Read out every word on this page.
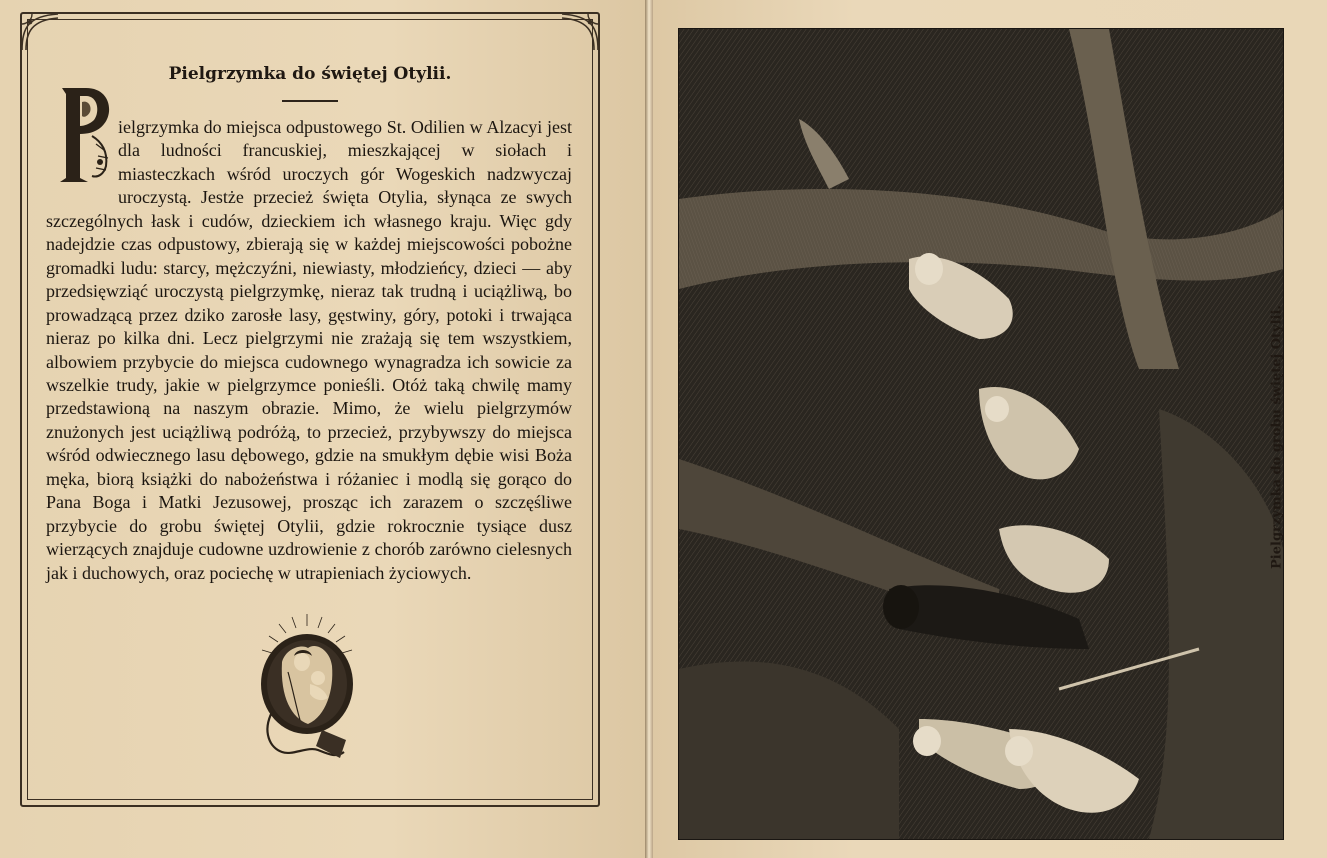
Pielgrzymka do świętej Otylii.

ielgrzymka do miejsca odpustowego St. Odilien w Alzacyi jest dla ludności francuskiej, mieszkającej w siołach i miasteczkach wśród uroczych gór Wogeskich nadzwyczaj uroczystą. Jestże przecież święta Otylia, słynąca ze swych szczególnych łask i cudów, dzieckiem ich własnego kraju. Więc gdy nadejdzie czas odpustowy, zbierają się w każdej miejscowości pobożne gromadki ludu: starcy, mężczyźni, niewiasty, młodzieńcy, dzieci — aby przedsięwziąć uroczystą pielgrzymkę, nieraz tak trudną i uciążliwą, bo prowadzącą przez dziko zarosłe lasy, gęstwiny, góry, potoki i trwająca nieraz po kilka dni. Lecz pielgrzymi nie zrażają się tem wszystkiem, albowiem przybycie do miejsca cudownego wynagradza ich sowicie za wszelkie trudy, jakie w pielgrzymce ponieśli. Otóż taką chwilę mamy przedstawioną na naszym obrazie. Mimo, że wielu pielgrzymów znużonych jest uciążliwą podróżą, to przecież, przybywszy do miejsca wśród odwiecznego lasu dębowego, gdzie na smukłym dębie wisi Boża męka, biorą książki do nabożeństwa i różaniec i modlą się gorąco do Pana Boga i Matki Jezusowej, prosząc ich zarazem o szczęśliwe przybycie do grobu świętej Otylii, gdzie rokrocznie tysiące dusz wierzących znajduje cudowne uzdrowienie z chorób zarówno cielesnych jak i duchowych, oraz pociechę w utrapieniach życiowych.

Pielgrzymka do grobu świętej Otylii.
